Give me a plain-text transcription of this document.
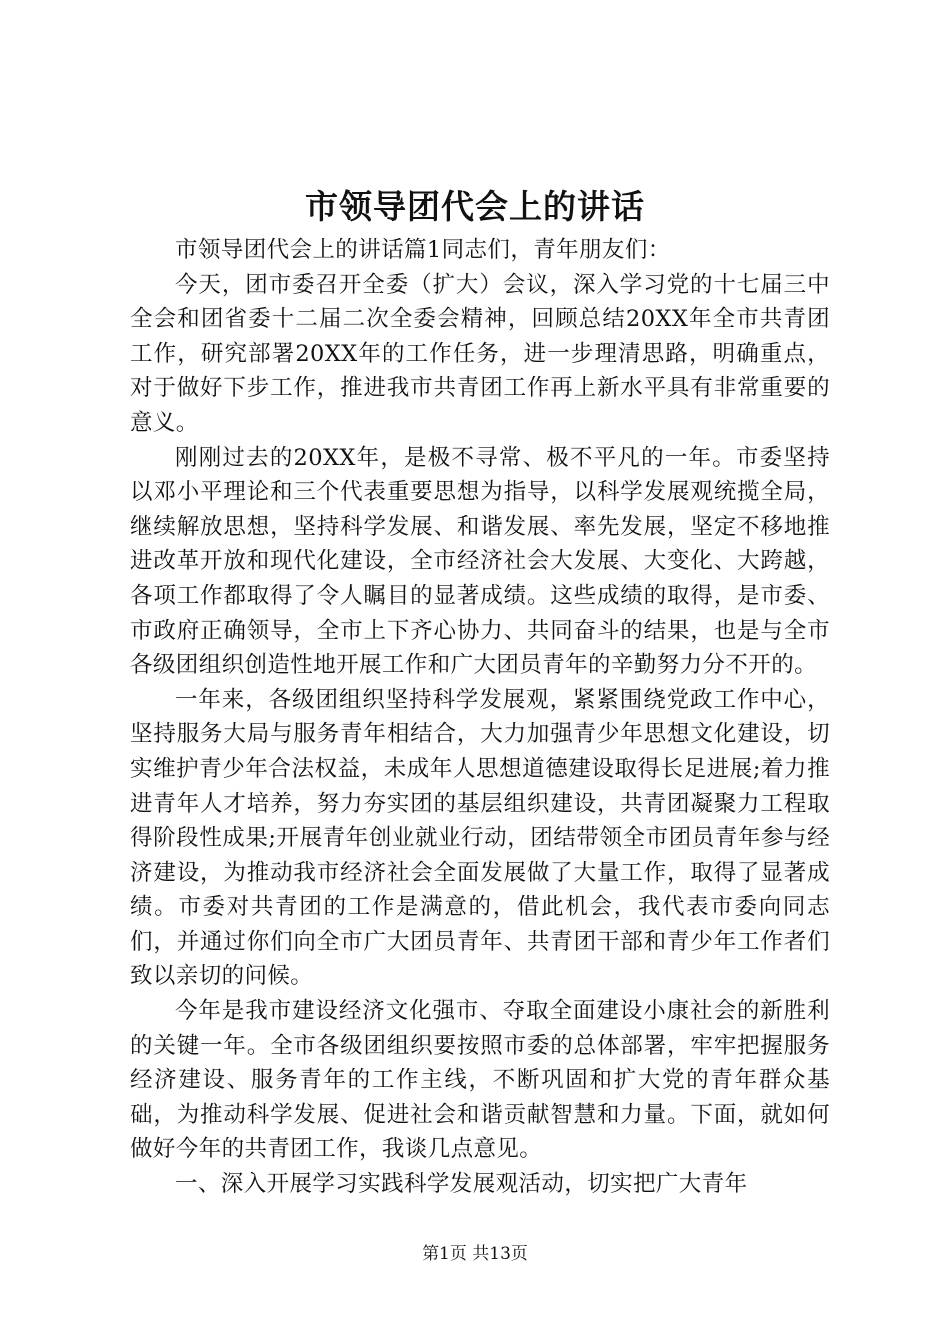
市领导团代会上的讲话

市领导团代会上的讲话篇1同志们，青年朋友们：

今天，团市委召开全委（扩大）会议，深入学习党的十七届三中全会和团省委十二届二次全委会精神，回顾总结20XX年全市共青团工作，研究部署20XX年的工作任务，进一步理清思路，明确重点，对于做好下步工作，推进我市共青团工作再上新水平具有非常重要的意义。

刚刚过去的20XX年，是极不寻常、极不平凡的一年。市委坚持以邓小平理论和三个代表重要思想为指导，以科学发展观统揽全局，继续解放思想，坚持科学发展、和谐发展、率先发展，坚定不移地推进改革开放和现代化建设，全市经济社会大发展、大变化、大跨越，各项工作都取得了令人瞩目的显著成绩。这些成绩的取得，是市委、市政府正确领导，全市上下齐心协力、共同奋斗的结果，也是与全市各级团组织创造性地开展工作和广大团员青年的辛勤努力分不开的。

一年来，各级团组织坚持科学发展观，紧紧围绕党政工作中心，坚持服务大局与服务青年相结合，大力加强青少年思想文化建设，切实维护青少年合法权益，未成年人思想道德建设取得长足进展;着力推进青年人才培养，努力夯实团的基层组织建设，共青团凝聚力工程取得阶段性成果;开展青年创业就业行动，团结带领全市团员青年参与经济建设，为推动我市经济社会全面发展做了大量工作，取得了显著成绩。市委对共青团的工作是满意的，借此机会，我代表市委向同志们，并通过你们向全市广大团员青年、共青团干部和青少年工作者们致以亲切的问候。

今年是我市建设经济文化强市、夺取全面建设小康社会的新胜利的关键一年。全市各级团组织要按照市委的总体部署，牢牢把握服务经济建设、服务青年的工作主线，不断巩固和扩大党的青年群众基础，为推动科学发展、促进社会和谐贡献智慧和力量。下面，就如何做好今年的共青团工作，我谈几点意见。

一、深入开展学习实践科学发展观活动，切实把广大青年

第1页 共13页
